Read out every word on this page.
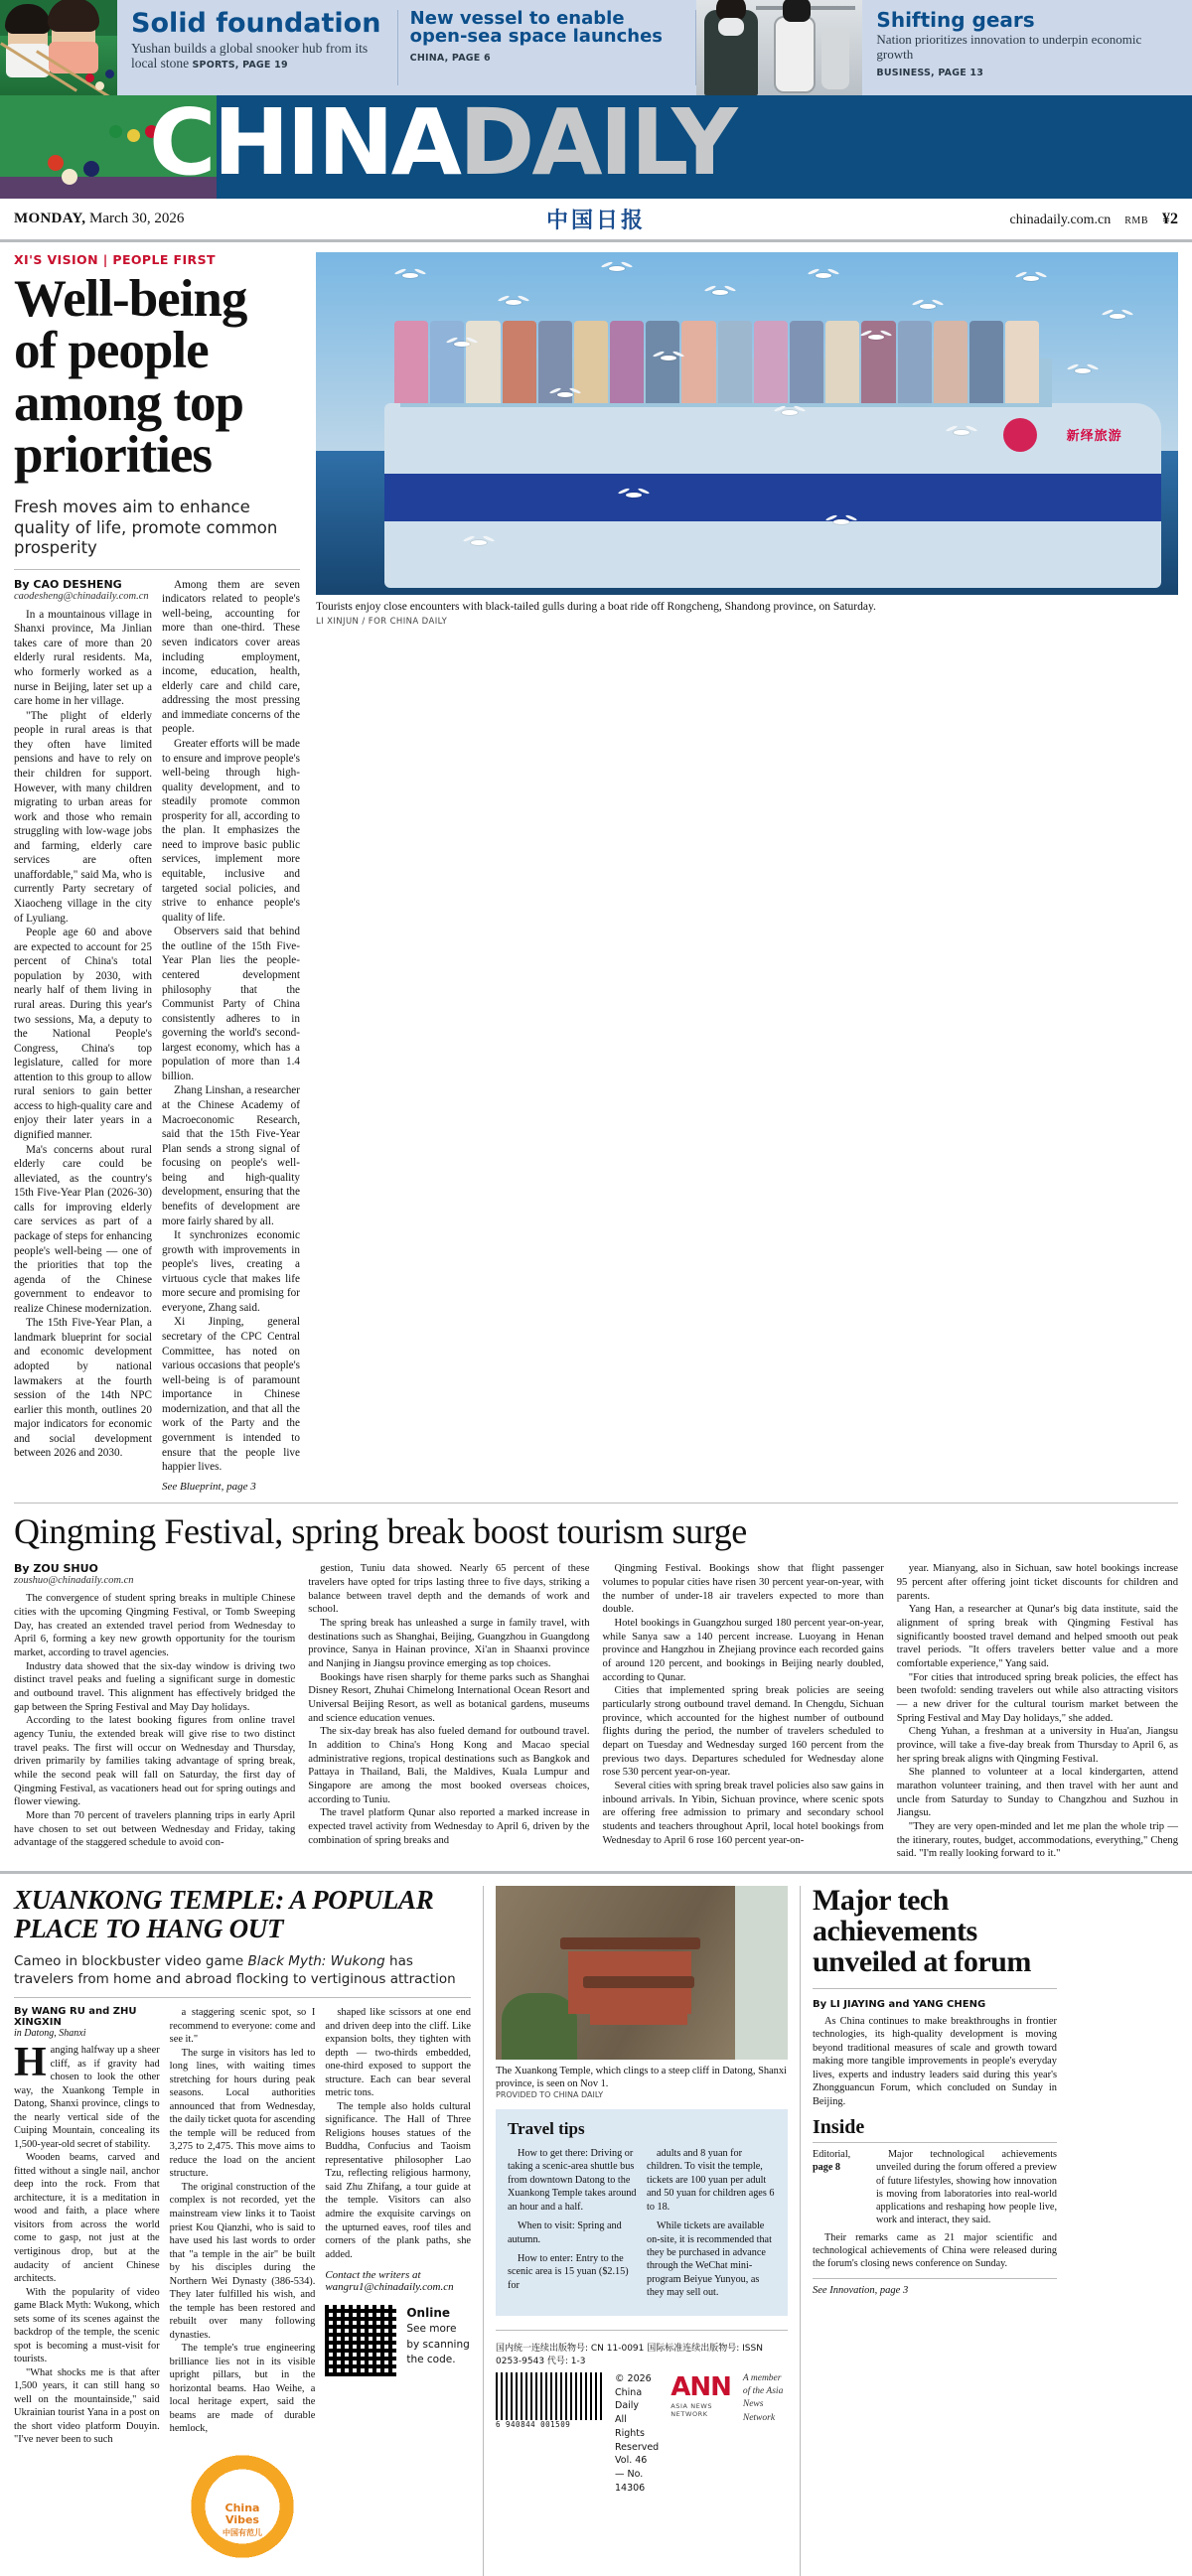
Solid foundation
Yushan builds a global snooker hub from its local stone SPORTS, PAGE 19
New vessel to enable open-sea space launches
CHINA, PAGE 6
Shifting gears
Nation prioritizes innovation to underpin economic growth
BUSINESS, PAGE 13
CHINADAILY
MONDAY, March 30, 2026	中国日报	chinadaily.com.cn RMB ¥2
XI'S VISION | PEOPLE FIRST
Well-being of people among top priorities
Fresh moves aim to enhance quality of life, promote common prosperity
By CAO DESHENG
caodesheng@chinadaily.com.cn

In a mountainous village in Shanxi province, Ma Jinlian takes care of more than 20 elderly rural residents. Ma, who formerly worked as a nurse in Beijing, later set up a care home in her village.

"The plight of elderly people in rural areas is that they often have limited pensions and have to rely on their children for support. However, with many children migrating to urban areas for work and those who remain struggling with low-wage jobs and farming, elderly care services are often unaffordable," said Ma, who is currently Party secretary of Xiaocheng village in the city of Lyuliang.

People age 60 and above are expected to account for 25 percent of China's total population by 2030, with nearly half of them living in rural areas. During this year's two sessions, Ma, a deputy to the National People's Congress, China's top legislature, called for more attention to this group to allow rural seniors to gain better access to high-quality care and enjoy their later years in a dignified manner.

Ma's concerns about rural elderly care could be alleviated, as the country's 15th Five-Year Plan (2026-30) calls for improving elderly care services as part of a package of steps for enhancing people's well-being — one of the priorities that top the agenda of the Chinese government to endeavor to realize Chinese modernization.

The 15th Five-Year Plan, a landmark blueprint for social and economic development adopted by national lawmakers at the fourth session of the 14th NPC earlier this month, outlines 20 major indicators for economic and social development between 2026 and 2030.

Among them are seven indicators related to people's well-being, accounting for more than one-third. These seven indicators cover areas including employment, income, education, health, elderly care and child care, addressing the most pressing and immediate concerns of the people.

Greater efforts will be made to ensure and improve people's well-being through high-quality development, and to steadily promote common prosperity for all, according to the plan. It emphasizes the need to improve basic public services, implement more equitable, inclusive and targeted social policies, and strive to enhance people's quality of life.

Observers said that behind the outline of the 15th Five-Year Plan lies the people-centered development philosophy that the Communist Party of China consistently adheres to in governing the world's second-largest economy, which has a population of more than 1.4 billion.

Zhang Linshan, a researcher at the Chinese Academy of Macroeconomic Research, said that the 15th Five-Year Plan sends a strong signal of focusing on people's well-being and high-quality development, ensuring that the benefits of development are more fairly shared by all.

It synchronizes economic growth with improvements in people's lives, creating a virtuous cycle that makes life more secure and promising for everyone, Zhang said.

Xi Jinping, general secretary of the CPC Central Committee, has noted on various occasions that people's well-being is of paramount importance in Chinese modernization, and that all the work of the Party and the government is intended to ensure that the people live happier lives.

See Blueprint, page 3
新绎旅游
Tourists enjoy close encounters with black-tailed gulls during a boat ride off Rongcheng, Shandong province, on Saturday.
LI XINJUN / FOR CHINA DAILY
Qingming Festival, spring break boost tourism surge
By ZOU SHUO
zoushuo@chinadaily.com.cn

The convergence of student spring breaks in multiple Chinese cities with the upcoming Qingming Festival, or Tomb Sweeping Day, has created an extended travel period from Wednesday to April 6, forming a key new growth opportunity for the tourism market, according to travel agencies.

Industry data showed that the six-day window is driving two distinct travel peaks and fueling a significant surge in domestic and outbound travel. This alignment has effectively bridged the gap between the Spring Festival and May Day holidays.

According to the latest booking figures from online travel agency Tuniu, the extended break will give rise to two distinct travel peaks. The first will occur on Wednesday and Thursday, driven primarily by families taking advantage of spring break, while the second peak will fall on Saturday, the first day of Qingming Festival, as vacationers head out for spring outings and flower viewing.

More than 70 percent of travelers planning trips in early April have chosen to set out between Wednesday and Friday, taking advantage of the staggered schedule to avoid con-

gestion, Tuniu data showed. Nearly 65 percent of these travelers have opted for trips lasting three to five days, striking a balance between travel depth and the demands of work and school.

The spring break has unleashed a surge in family travel, with destinations such as Shanghai, Beijing, Guangzhou in Guangdong province, Sanya in Hainan province, Xi'an in Shaanxi province and Nanjing in Jiangsu province emerging as top choices.

Bookings have risen sharply for theme parks such as Shanghai Disney Resort, Zhuhai Chimelong International Ocean Resort and Universal Beijing Resort, as well as botanical gardens, museums and science education venues.

The six-day break has also fueled demand for outbound travel. In addition to China's Hong Kong and Macao special administrative regions, tropical destinations such as Bangkok and Pattaya in Thailand, Bali, the Maldives, Kuala Lumpur and Singapore are among the most booked overseas choices, according to Tuniu.

The travel platform Qunar also reported a marked increase in expected travel activity from Wednesday to April 6, driven by the combination of spring breaks and

Qingming Festival. Bookings show that flight passenger volumes to popular cities have risen 30 percent year-on-year, with the number of under-18 air travelers expected to more than double.

Hotel bookings in Guangzhou surged 180 percent year-on-year, while Sanya saw a 140 percent increase. Luoyang in Henan province and Hangzhou in Zhejiang province each recorded gains of around 120 percent, and bookings in Beijing nearly doubled, according to Qunar.

Cities that implemented spring break policies are seeing particularly strong outbound travel demand. In Chengdu, Sichuan province, which accounted for the highest number of outbound flights during the period, the number of travelers scheduled to depart on Tuesday and Wednesday surged 160 percent from the previous two days. Departures scheduled for Wednesday alone rose 530 percent year-on-year.

Several cities with spring break travel policies also saw gains in inbound arrivals. In Yibin, Sichuan province, where scenic spots are offering free admission to primary and secondary school students and teachers throughout April, local hotel bookings from Wednesday to April 6 rose 160 percent year-on-

year. Mianyang, also in Sichuan, saw hotel bookings increase 95 percent after offering joint ticket discounts for children and parents.

Yang Han, a researcher at Qunar's big data institute, said the alignment of spring break with Qingming Festival has significantly boosted travel demand and helped smooth out peak travel periods. "It offers travelers better value and a more comfortable experience," Yang said.

"For cities that introduced spring break policies, the effect has been twofold: sending travelers out while also attracting visitors — a new driver for the cultural tourism market between the Spring Festival and May Day holidays," she added.

Cheng Yuhan, a freshman at a university in Hua'an, Jiangsu province, will take a five-day break from Thursday to April 6, as her spring break aligns with Qingming Festival.

She planned to volunteer at a local kindergarten, attend marathon volunteer training, and then travel with her aunt and uncle from Saturday to Sunday to Changzhou and Suzhou in Jiangsu.

"They are very open-minded and let me plan the whole trip — the itinerary, routes, budget, accommodations, everything," Cheng said. "I'm really looking forward to it."

XUANKONG TEMPLE: A POPULAR PLACE TO HANG OUT
Cameo in blockbuster video game Black Myth: Wukong has travelers from home and abroad flocking to vertiginous attraction
By WANG RU and ZHU XINGXIN
in Datong, Shanxi

Hanging halfway up a sheer cliff, as if gravity had chosen to look the other way, the Xuankong Temple in Datong, Shanxi province, clings to the nearly vertical side of the Cuiping Mountain, concealing its 1,500-year-old secret of stability.

Wooden beams, carved and fitted without a single nail, anchor deep into the rock. From that architecture, it is a meditation in wood and faith, a place where visitors from across the world come to gasp, not just at the vertiginous drop, but at the audacity of ancient Chinese architects.

With the popularity of video game Black Myth: Wukong, which sets some of its scenes against the backdrop of the temple, the scenic spot is becoming a must-visit for tourists.

"What shocks me is that after 1,500 years, it can still hang so well on the mountainside," said Ukrainian tourist Yana in a post on the short video platform Douyin. "I've never been to such

a staggering scenic spot, so I recommend to everyone: come and see it."

The surge in visitors has led to long lines, with waiting times stretching for hours during peak seasons. Local authorities announced that from Wednesday, the daily ticket quota for ascending the temple will be reduced from 3,275 to 2,475. This move aims to reduce the load on the ancient structure.

The original construction of the complex is not recorded, yet the mainstream view links it to Taoist priest Kou Qianzhi, who is said to have used his last words to order that "a temple in the air" be built by his disciples during the Northern Wei Dynasty (386-534). They later fulfilled his wish, and the temple has been restored and rebuilt over many following dynasties.

The temple's true engineering brilliance lies not in its visible upright pillars, but in the horizontal beams. Hao Weihe, a local heritage expert, said the beams are made of durable hemlock,

shaped like scissors at one end and driven deep into the cliff. Like expansion bolts, they tighten with depth — two-thirds embedded, one-third exposed to support the structure. Each can bear several metric tons.

The temple also holds cultural significance. The Hall of Three Religions houses statues of the Buddha, Confucius and Taoism representative philosopher Lao Tzu, reflecting religious harmony, said Zhu Zhifang, a tour guide at the temple. Visitors can also admire the exquisite carvings on the upturned eaves, roof tiles and corners of the plank paths, she added.

Contact the writers at
wangru1@chinadaily.com.cn
Online
See more
by scanning
the code.
China
Vibes
中国有范儿
The Xuankong Temple, which clings to a steep cliff in Datong, Shanxi province, is seen on Nov 1.
PROVIDED TO CHINA DAILY
Travel tips

How to get there: Driving or taking a scenic-area shuttle bus from downtown Datong to the Xuankong Temple takes around an hour and a half.

When to visit: Spring and autumn.

How to enter: Entry to the scenic area is 15 yuan ($2.15) for

adults and 8 yuan for children. To visit the temple, tickets are 100 yuan per adult and 50 yuan for children ages 6 to 18.

While tickets are available on-site, it is recommended that they be purchased in advance through the WeChat mini-program Beiyue Yunyou, as they may sell out.

国内统一连续出版物号: CN 11-0091 国际标准连续出版物号: ISSN 0253-9543 代号: 1-3
6 940844 001509
© 2026 China Daily
All Rights Reserved
Vol. 46 — No. 14306
ANN
ASIA NEWS NETWORK
A member of the Asia News Network
Major tech achievements unveiled at forum
By LI JIAYING and YANG CHENG

As China continues to make breakthroughs in frontier technologies, its high-quality development is moving beyond traditional measures of scale and growth toward making more tangible improvements in people's everyday lives, experts and industry leaders said during this year's Zhongguancun Forum, which concluded on Sunday in Beijing.

Inside
Editorial,
page 8

Major technological achievements unveiled during the forum offered a preview of future lifestyles, showing how innovation is moving from laboratories into real-world applications and reshaping how people live, work and interact, they said.

Their remarks came as 21 major scientific and technological achievements of China were released during the forum's closing news conference on Sunday.

See Innovation, page 3
